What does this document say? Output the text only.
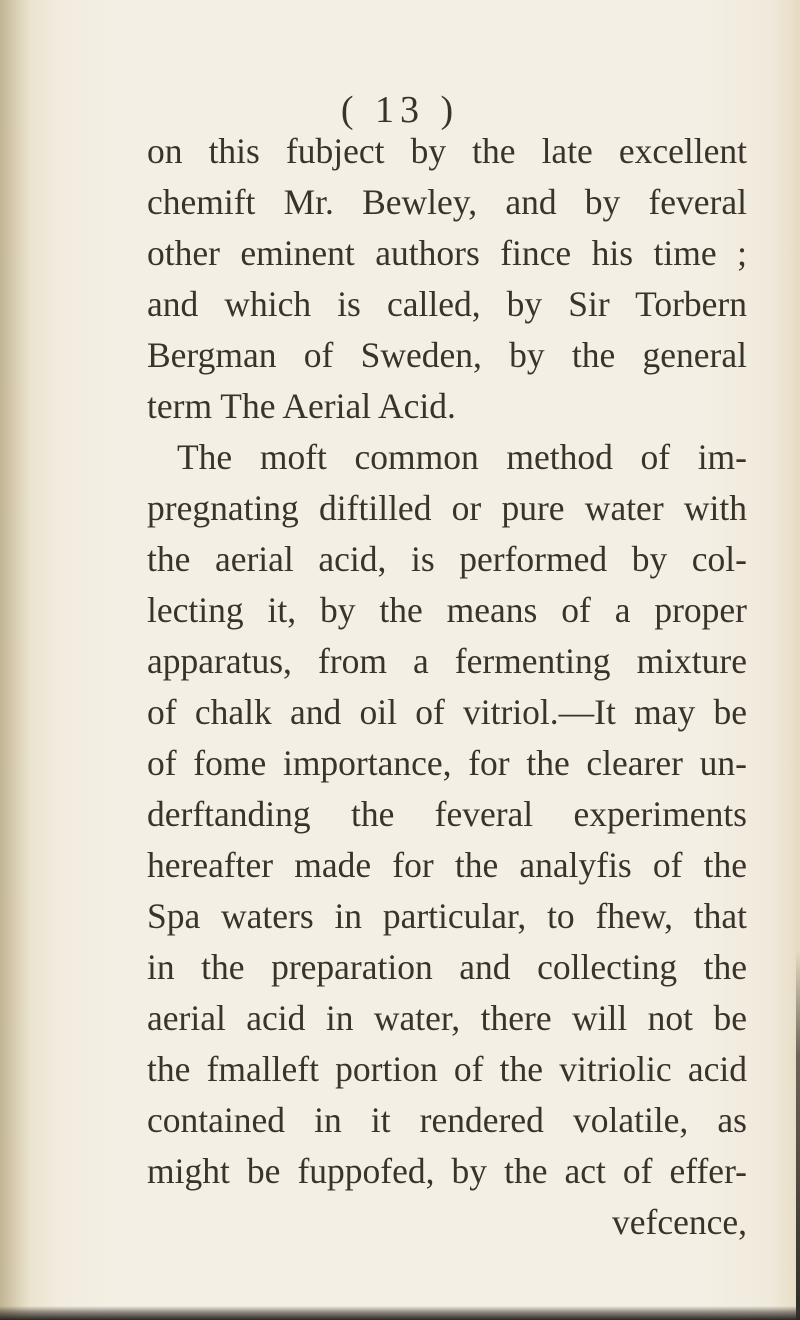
( 13 )
on this fubject by the late excellent
chemift Mr. Bewley, and by feveral
other eminent authors fince his time ;
and which is called, by Sir Torbern
Bergman of Sweden, by the general
term The Aerial Acid.
The moft common method of im-
pregnating diftilled or pure water with
the aerial acid, is performed by col-
lecting it, by the means of a proper
apparatus, from a fermenting mixture
of chalk and oil of vitriol.—It may be
of fome importance, for the clearer un-
derftanding the feveral experiments
hereafter made for the analyfis of the
Spa waters in particular, to fhew, that
in the preparation and collecting the
aerial acid in water, there will not be
the fmalleft portion of the vitriolic acid
contained in it rendered volatile, as
might be fuppofed, by the act of effer-
vefcence,
